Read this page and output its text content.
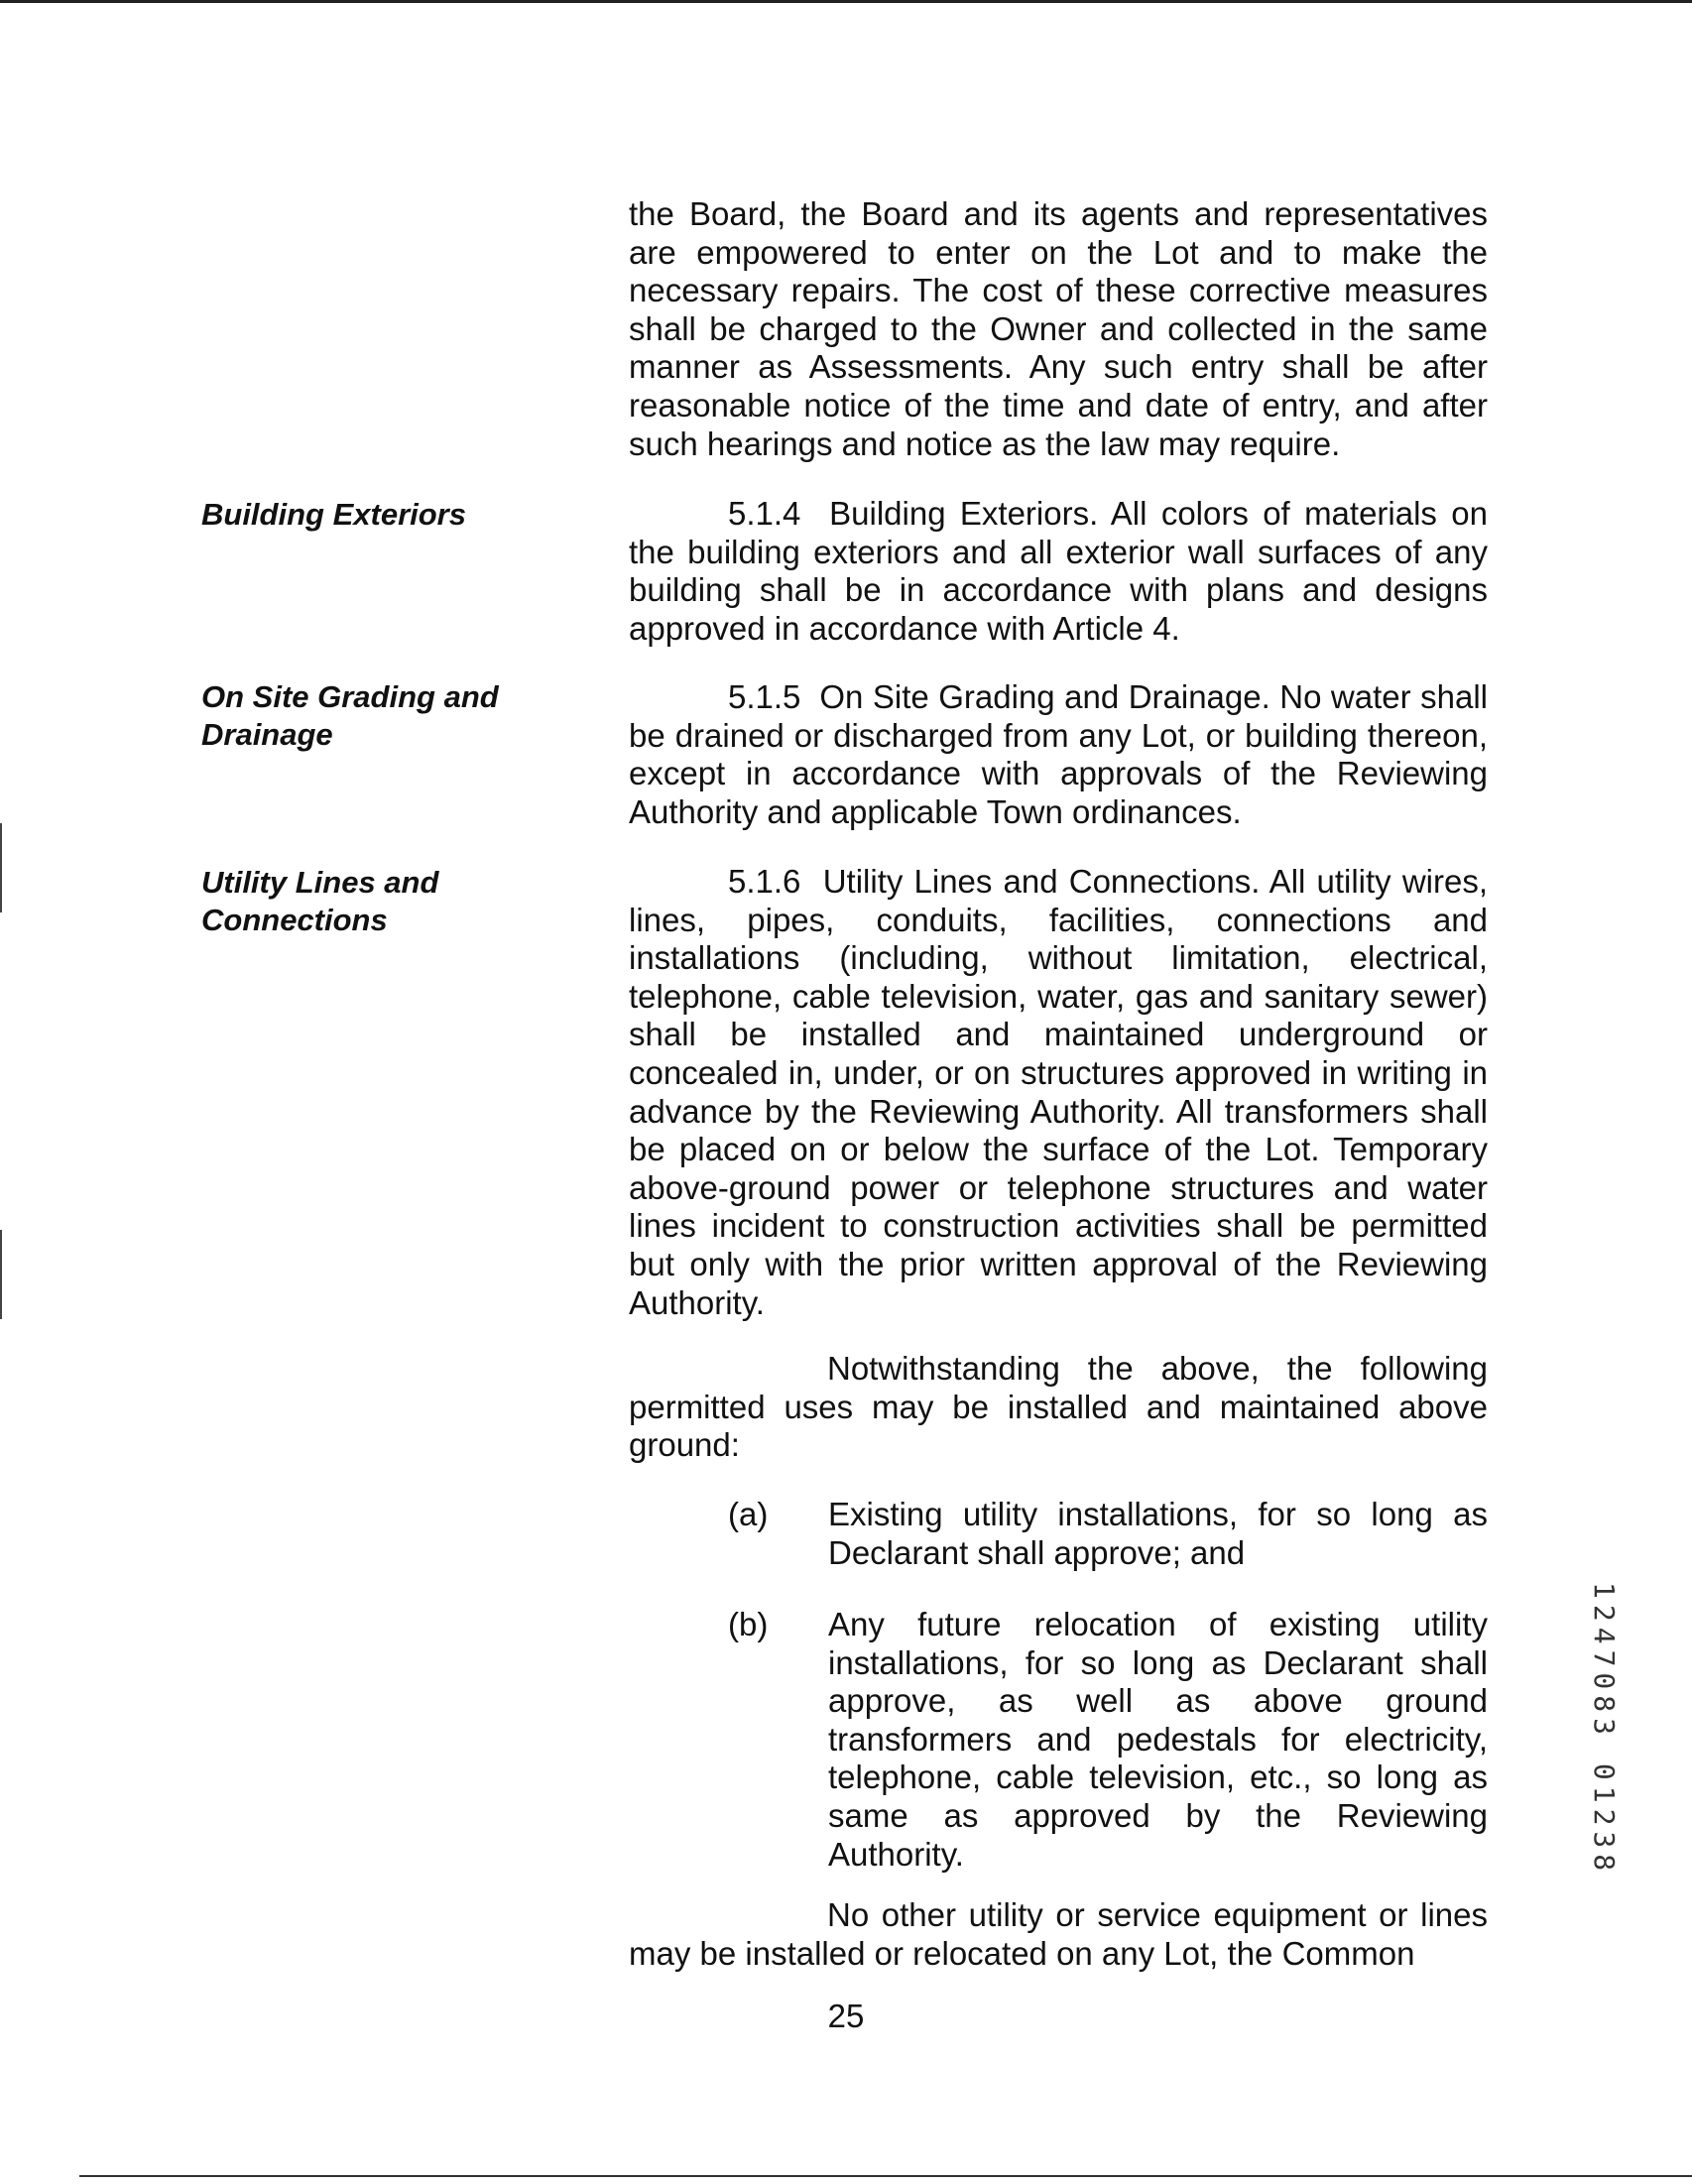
the Board, the Board and its agents and representatives are empowered to enter on the Lot and to make the necessary repairs. The cost of these corrective measures shall be charged to the Owner and collected in the same manner as Assessments. Any such entry shall be after reasonable notice of the time and date of entry, and after such hearings and notice as the law may require.
Building Exteriors	5.1.4 Building Exteriors. All colors of materials on the building exteriors and all exterior wall surfaces of any building shall be in accordance with plans and designs approved in accordance with Article 4.
On Site Grading and
Drainage
5.1.5 On Site Grading and Drainage. No water shall be drained or discharged from any Lot, or building thereon, except in accordance with approvals of the Reviewing Authority and applicable Town ordinances.
Utility Lines and
Connections
5.1.6 Utility Lines and Connections. All utility wires, lines, pipes, conduits, facilities, connections and installations (including, without limitation, electrical, telephone, cable television, water, gas and sanitary sewer) shall be installed and maintained underground or concealed in, under, or on structures approved in writing in advance by the Reviewing Authority. All transformers shall be placed on or below the surface of the Lot. Temporary above-ground power or telephone structures and water lines incident to construction activities shall be permitted but only with the prior written approval of the Reviewing Authority.
Notwithstanding the above, the following permitted uses may be installed and maintained above ground:
(a) Existing utility installations, for so long as Declarant shall approve; and
(b) Any future relocation of existing utility installations, for so long as Declarant shall approve, as well as above ground transformers and pedestals for electricity, telephone, cable television, etc., so long as same as approved by the Reviewing Authority.
No other utility or service equipment or lines may be installed or relocated on any Lot, the Common
25
1247083 01238
